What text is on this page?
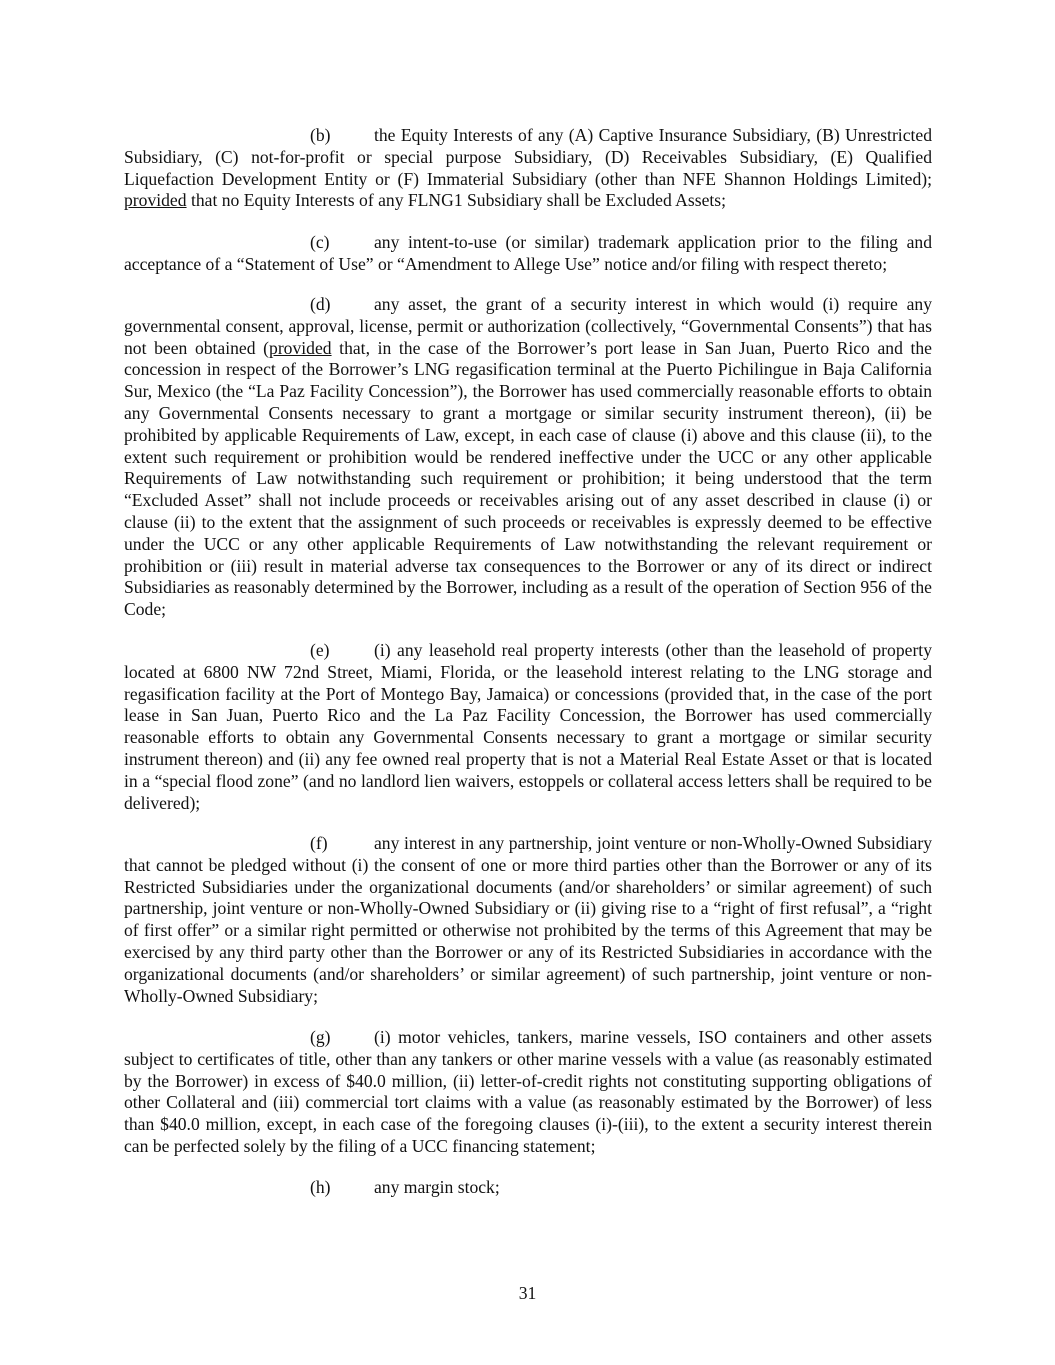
(b) the Equity Interests of any (A) Captive Insurance Subsidiary, (B) Unrestricted Subsidiary, (C) not-for-profit or special purpose Subsidiary, (D) Receivables Subsidiary, (E) Qualified Liquefaction Development Entity or (F) Immaterial Subsidiary (other than NFE Shannon Holdings Limited); provided that no Equity Interests of any FLNG1 Subsidiary shall be Excluded Assets;

(c)	any intent-to-use (or similar) trademark application prior to the filing and acceptance of a “Statement of Use” or “Amendment to Allege Use” notice and/or filing with respect thereto;

(d) any asset, the grant of a security interest in which would (i) require any governmental consent, approval, license, permit or authorization (collectively, “Governmental Consents”) that has not been obtained (provided that, in the case of the Borrower’s port lease in San Juan, Puerto Rico and the concession in respect of the Borrower’s LNG regasification terminal at the Puerto Pichilingue in Baja California Sur, Mexico (the “La Paz Facility Concession”), the Borrower has used commercially reasonable efforts to obtain any Governmental Consents necessary to grant a mortgage or similar security instrument thereon), (ii) be prohibited by applicable Requirements of Law, except, in each case of clause (i) above and this clause (ii), to the extent such requirement or prohibition would be rendered ineffective under the UCC or any other applicable Requirements of Law notwithstanding such requirement or prohibition; it being understood that the term “Excluded Asset” shall not include proceeds or receivables arising out of any asset described in clause (i) or clause (ii) to the extent that the assignment of such proceeds or receivables is expressly deemed to be effective under the UCC or any other applicable Requirements of Law notwithstanding the relevant requirement or prohibition or (iii) result in material adverse tax consequences to the Borrower or any of its direct or indirect Subsidiaries as reasonably determined by the Borrower, including as a result of the operation of Section 956 of the Code;

(e)	(i) any leasehold real property interests (other than the leasehold of property located at 6800 NW 72nd Street, Miami, Florida, or the leasehold interest relating to the LNG storage and regasification facility at the Port of Montego Bay, Jamaica) or concessions (provided that, in the case of the port lease in San Juan, Puerto Rico and the La Paz Facility Concession, the Borrower has used commercially reasonable efforts to obtain any Governmental Consents necessary to grant a mortgage or similar security instrument thereon) and (ii) any fee owned real property that is not a Material Real Estate Asset or that is located in a “special flood zone” (and no landlord lien waivers, estoppels or collateral access letters shall be required to be delivered);

(f)	any interest in any partnership, joint venture or non-Wholly-Owned Subsidiary that cannot be pledged without (i) the consent of one or more third parties other than the Borrower or any of its Restricted Subsidiaries under the organizational documents (and/or shareholders’ or similar agreement) of such partnership, joint venture or non-Wholly-Owned Subsidiary or (ii) giving rise to a “right of first refusal”, a “right of first offer” or a similar right permitted or otherwise not prohibited by the terms of this Agreement that may be exercised by any third party other than the Borrower or any of its Restricted Subsidiaries in accordance with the organizational documents (and/or shareholders’ or similar agreement) of such partnership, joint venture or non-Wholly-Owned Subsidiary;

(g) (i) motor vehicles, tankers, marine vessels, ISO containers and other assets subject to certificates of title, other than any tankers or other marine vessels with a value (as reasonably estimated by the Borrower) in excess of $40.0 million, (ii) letter-of-credit rights not constituting supporting obligations of other Collateral and (iii) commercial tort claims with a value (as reasonably estimated by the Borrower) of less than $40.0 million, except, in each case of the foregoing clauses (i)-(iii), to the extent a security interest therein can be perfected solely by the filing of a UCC financing statement;

(h) any margin stock;

31
